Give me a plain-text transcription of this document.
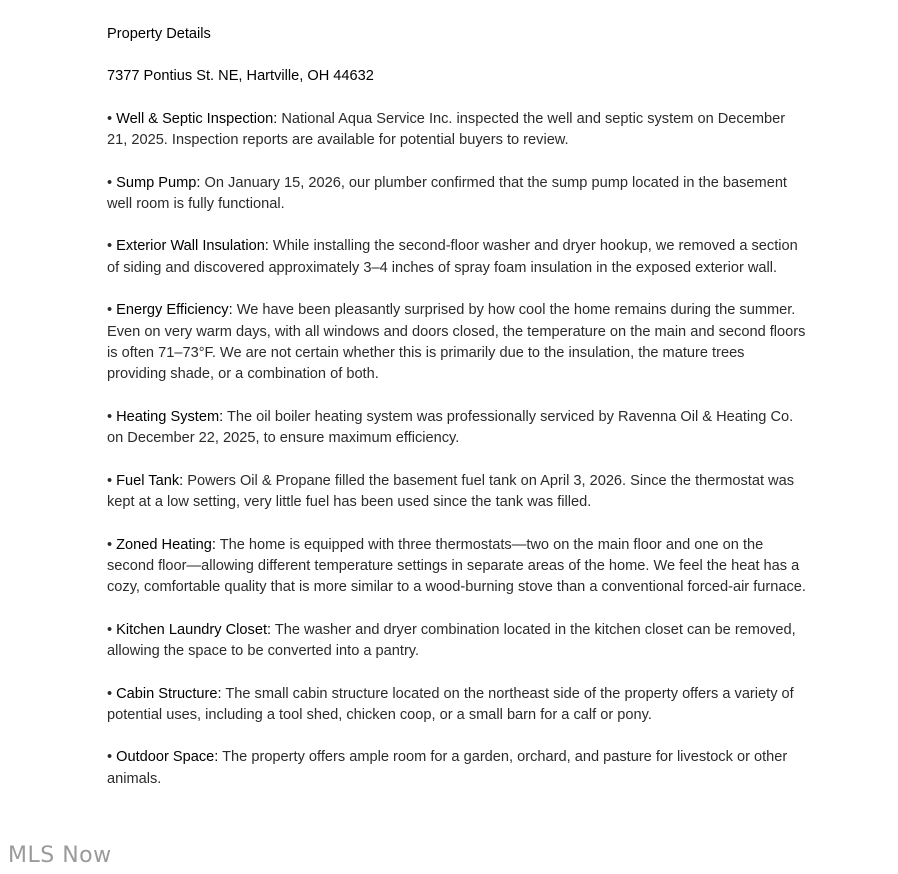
Property Details
7377 Pontius St. NE, Hartville, OH 44632
• Well & Septic Inspection: National Aqua Service Inc. inspected the well and septic system on December 21, 2025. Inspection reports are available for potential buyers to review.
• Sump Pump: On January 15, 2026, our plumber confirmed that the sump pump located in the basement well room is fully functional.
• Exterior Wall Insulation: While installing the second-floor washer and dryer hookup, we removed a section of siding and discovered approximately 3–4 inches of spray foam insulation in the exposed exterior wall.
• Energy Efficiency: We have been pleasantly surprised by how cool the home remains during the summer. Even on very warm days, with all windows and doors closed, the temperature on the main and second floors is often 71–73°F. We are not certain whether this is primarily due to the insulation, the mature trees providing shade, or a combination of both.
• Heating System: The oil boiler heating system was professionally serviced by Ravenna Oil & Heating Co. on December 22, 2025, to ensure maximum efficiency.
• Fuel Tank: Powers Oil & Propane filled the basement fuel tank on April 3, 2026. Since the thermostat was kept at a low setting, very little fuel has been used since the tank was filled.
• Zoned Heating: The home is equipped with three thermostats—two on the main floor and one on the second floor—allowing different temperature settings in separate areas of the home. We feel the heat has a cozy, comfortable quality that is more similar to a wood-burning stove than a conventional forced-air furnace.
• Kitchen Laundry Closet: The washer and dryer combination located in the kitchen closet can be removed, allowing the space to be converted into a pantry.
• Cabin Structure: The small cabin structure located on the northeast side of the property offers a variety of potential uses, including a tool shed, chicken coop, or a small barn for a calf or pony.
• Outdoor Space: The property offers ample room for a garden, orchard, and pasture for livestock or other animals.
MLS Now
